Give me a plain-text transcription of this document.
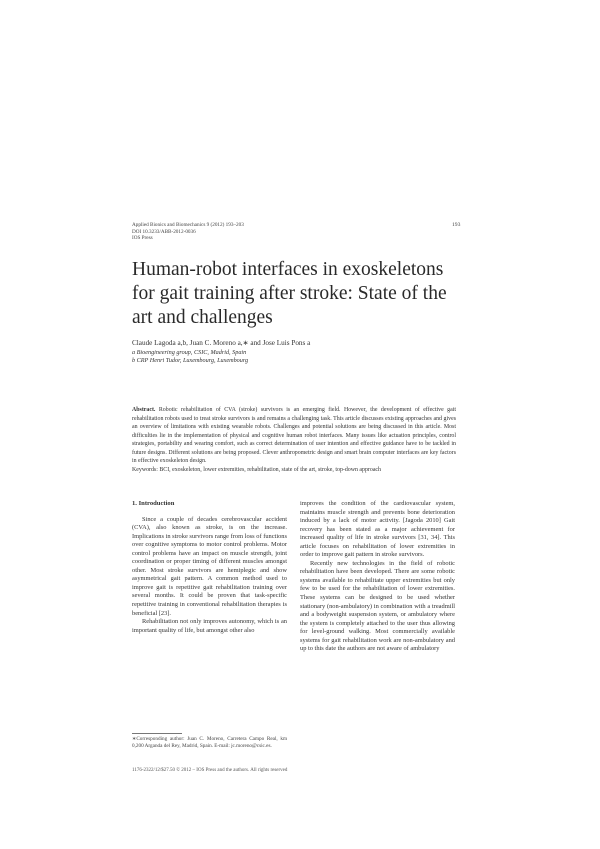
Applied Bionics and Biomechanics 9 (2012) 193–203
DOI 10.3233/ABB-2012-0036
IOS Press
193
Human-robot interfaces in exoskeletons for gait training after stroke: State of the art and challenges
Claude Lagoda a,b, Juan C. Moreno a,∗ and Jose Luis Pons a
a Bioengineering group, CSIC, Madrid, Spain
b CRP Henri Tudor, Luxembourg, Luxembourg
Abstract. Robotic rehabilitation of CVA (stroke) survivors is an emerging field. However, the development of effective gait rehabilitation robots used to treat stroke survivors is and remains a challenging task. This article discusses existing approaches and gives an overview of limitations with existing wearable robots. Challenges and potential solutions are being discussed in this article. Most difficulties lie in the implementation of physical and cognitive human robot interfaces. Many issues like actuation principles, control strategies, portability and wearing comfort, such as correct determination of user intention and effective guidance have to be tackled in future designs. Different solutions are being proposed. Clever anthropometric design and smart brain computer interfaces are key factors in effective exoskeleton design.
Keywords: BCI, exoskeleton, lower extremities, rehabilitation, state of the art, stroke, top-down approach

1. Introduction

Since a couple of decades cerebrovascular accident (CVA), also known as stroke, is on the increase. Implications in stroke survivors range from loss of functions over cognitive symptoms to motor control problems. Motor control problems have an impact on muscle strength, joint coordination or proper timing of different muscles amongst other. Most stroke survivors are hemiplegic and show asymmetrical gait pattern. A common method used to improve gait is repetitive gait rehabilitation training over several months. It could be proven that task-specific repetitive training in conventional rehabilitation therapies is beneficial [23].

Rehabilitation not only improves autonomy, which is an important quality of life, but amongst other also

improves the condition of the cardiovascular system, maintains muscle strength and prevents bone deterioration induced by a lack of motor activity. [Jagoda 2010] Gait recovery has been stated as a major achievement for increased quality of life in stroke survivors [31, 34]. This article focuses on rehabilitation of lower extremities in order to improve gait pattern in stroke survivors.

Recently new technologies in the field of robotic rehabilitation have been developed. There are some robotic systems available to rehabilitate upper extremities but only few to be used for the rehabilitation of lower extremities. These systems can be designed to be used whether stationary (non-ambulatory) in combination with a treadmill and a bodyweight suspension system, or ambulatory where the system is completely attached to the user thus allowing for level-ground walking. Most commercially available systems for gait rehabilitation work are non-ambulatory and up to this date the authors are not aware of ambulatory

∗Corresponding author: Juan C. Moreno, Carretera Campo Real, km 0,200 Arganda del Rey, Madrid, Spain. E-mail: jc.moreno@csic.es.
1176-2322/12/$27.50 © 2012 – IOS Press and the authors. All rights reserved
